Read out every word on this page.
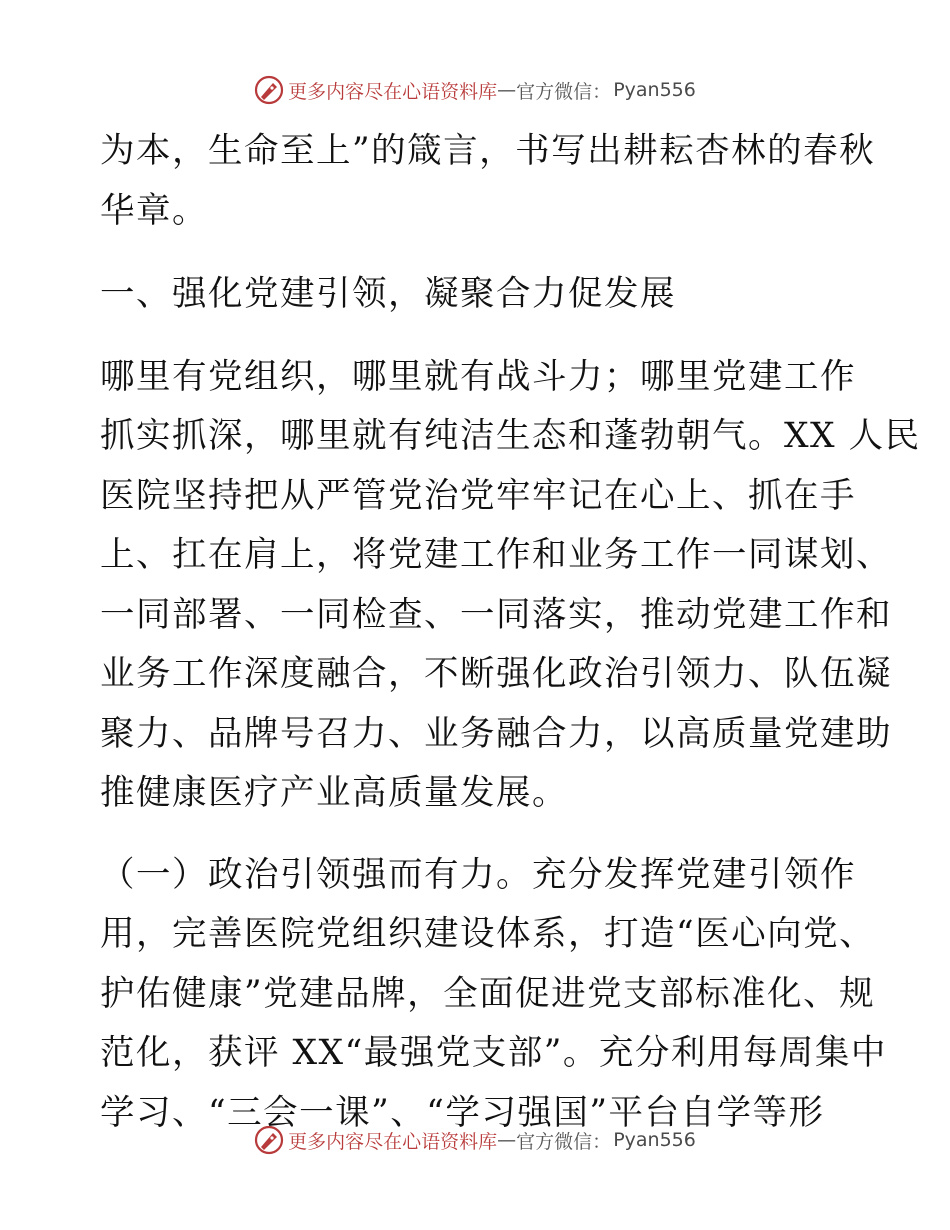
更多内容尽在心语资料库 — 官方微信： Pyan556

为本，生命至上”的箴言，书写出耕耘杏林的春秋

华章。

一、强化党建引领，凝聚合力促发展

哪里有党组织，哪里就有战斗力；哪里党建工作

抓实抓深，哪里就有纯洁生态和蓬勃朝气。XX 人民

医院坚持把从严管党治党牢牢记在心上、抓在手

上、扛在肩上，将党建工作和业务工作一同谋划、

一同部署、一同检查、一同落实，推动党建工作和

业务工作深度融合，不断强化政治引领力、队伍凝

聚力、品牌号召力、业务融合力，以高质量党建助

推健康医疗产业高质量发展。

（一）政治引领强而有力。充分发挥党建引领作

用，完善医院党组织建设体系，打造“医心向党、

护佑健康”党建品牌，全面促进党支部标准化、规

范化，获评 XX“最强党支部”。充分利用每周集中

学习、“三会一课”、“学习强国”平台自学等形

更多内容尽在心语资料库 — 官方微信： Pyan556
